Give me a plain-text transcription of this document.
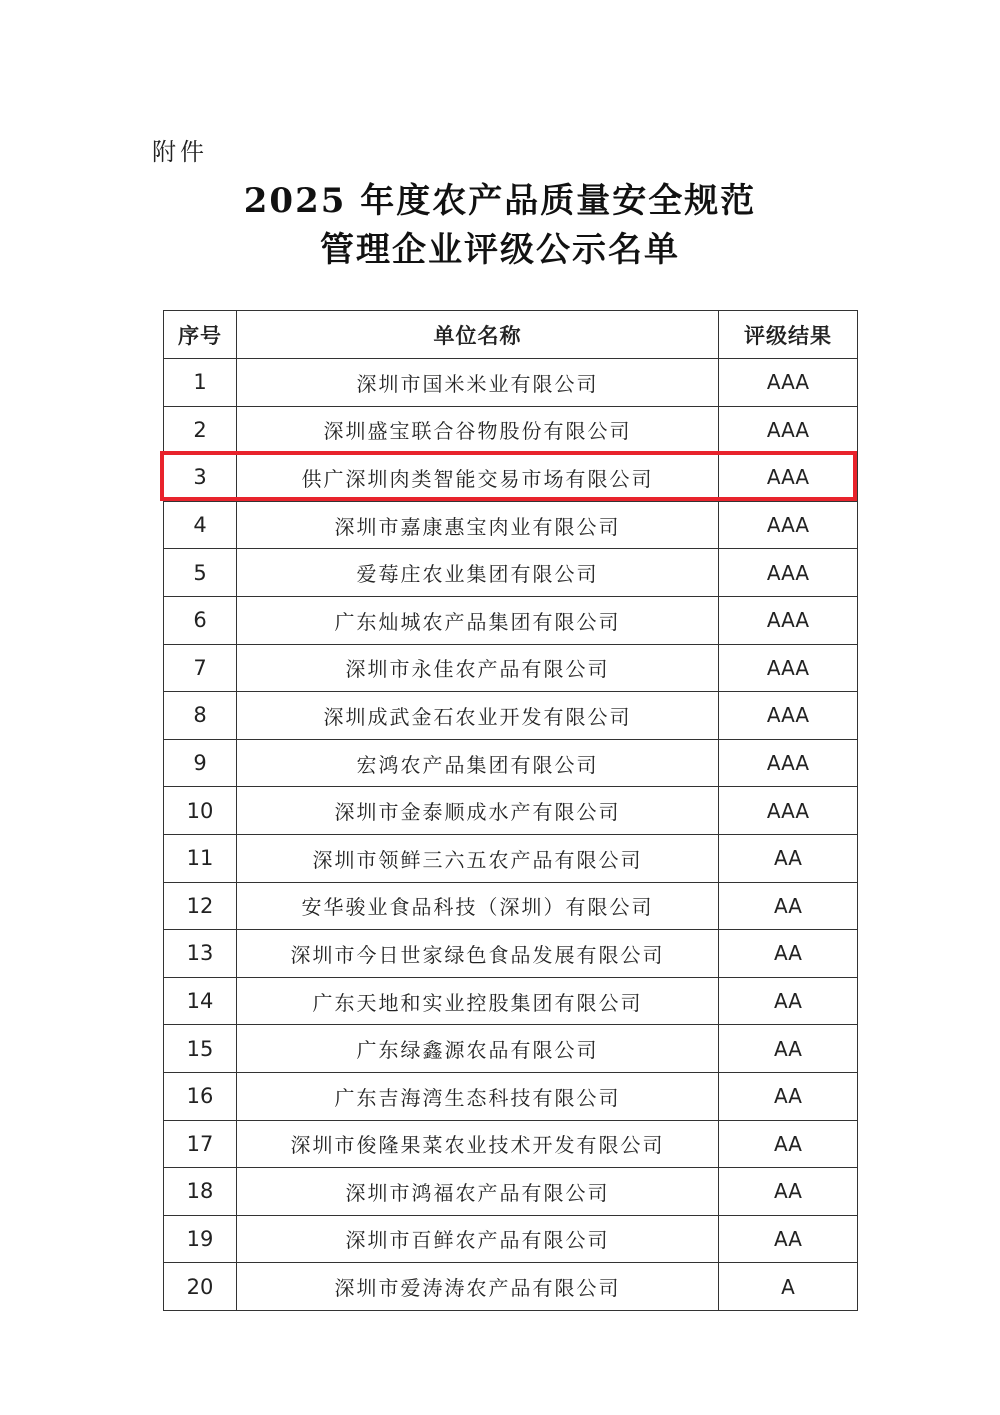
附件
2025 年度农产品质量安全规范
管理企业评级公示名单
序号	单位名称	评级结果
1	深圳市国米米业有限公司	AAA
2	深圳盛宝联合谷物股份有限公司	AAA
3	供广深圳肉类智能交易市场有限公司	AAA
4	深圳市嘉康惠宝肉业有限公司	AAA
5	爱莓庄农业集团有限公司	AAA
6	广东灿城农产品集团有限公司	AAA
7	深圳市永佳农产品有限公司	AAA
8	深圳成武金石农业开发有限公司	AAA
9	宏鸿农产品集团有限公司	AAA
10	深圳市金泰顺成水产有限公司	AAA
11	深圳市领鲜三六五农产品有限公司	AA
12	安华骏业食品科技（深圳）有限公司	AA
13	深圳市今日世家绿色食品发展有限公司	AA
14	广东天地和实业控股集团有限公司	AA
15	广东绿鑫源农品有限公司	AA
16	广东吉海湾生态科技有限公司	AA
17	深圳市俊隆果菜农业技术开发有限公司	AA
18	深圳市鸿福农产品有限公司	AA
19	深圳市百鲜农产品有限公司	AA
20	深圳市爱涛涛农产品有限公司	A
